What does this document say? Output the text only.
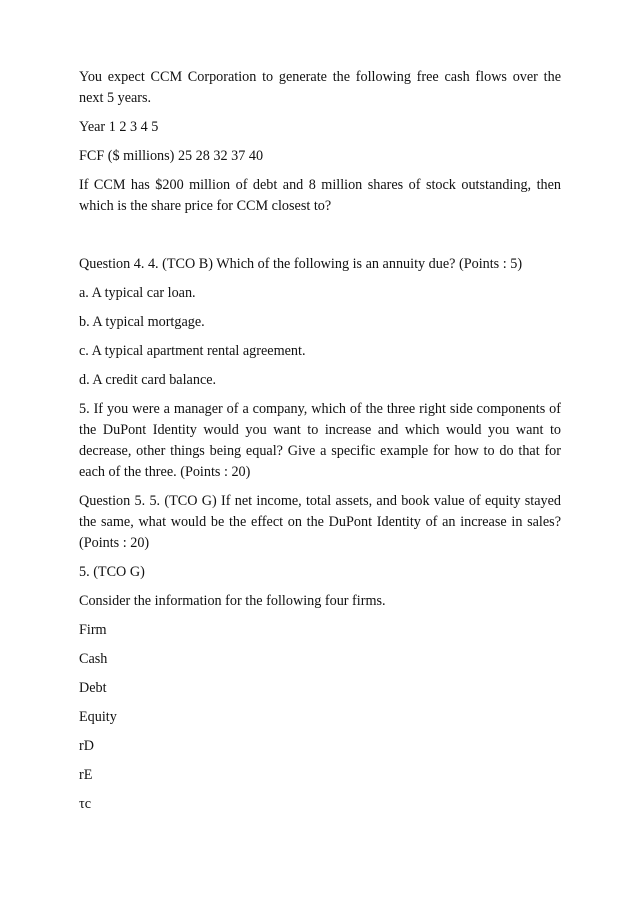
You expect CCM Corporation to generate the following free cash flows over the next 5 years.

Year 1 2 3 4 5

FCF ($ millions) 25 28 32 37 40

If CCM has $200 million of debt and 8 million shares of stock outstanding, then which is the share price for CCM closest to?

Question 4. 4. (TCO B) Which of the following is an annuity due? (Points : 5)

a. A typical car loan.

b. A typical mortgage.

c. A typical apartment rental agreement.

d. A credit card balance.

5. If you were a manager of a company, which of the three right side components of the DuPont Identity would you want to increase and which would you want to decrease, other things being equal? Give a specific example for how to do that for each of the three. (Points : 20)

Question 5. 5. (TCO G) If net income, total assets, and book value of equity stayed the same, what would be the effect on the DuPont Identity of an increase in sales? (Points : 20)

5. (TCO G)

Consider the information for the following four firms.

Firm

Cash

Debt

Equity

rD

rE

τc
